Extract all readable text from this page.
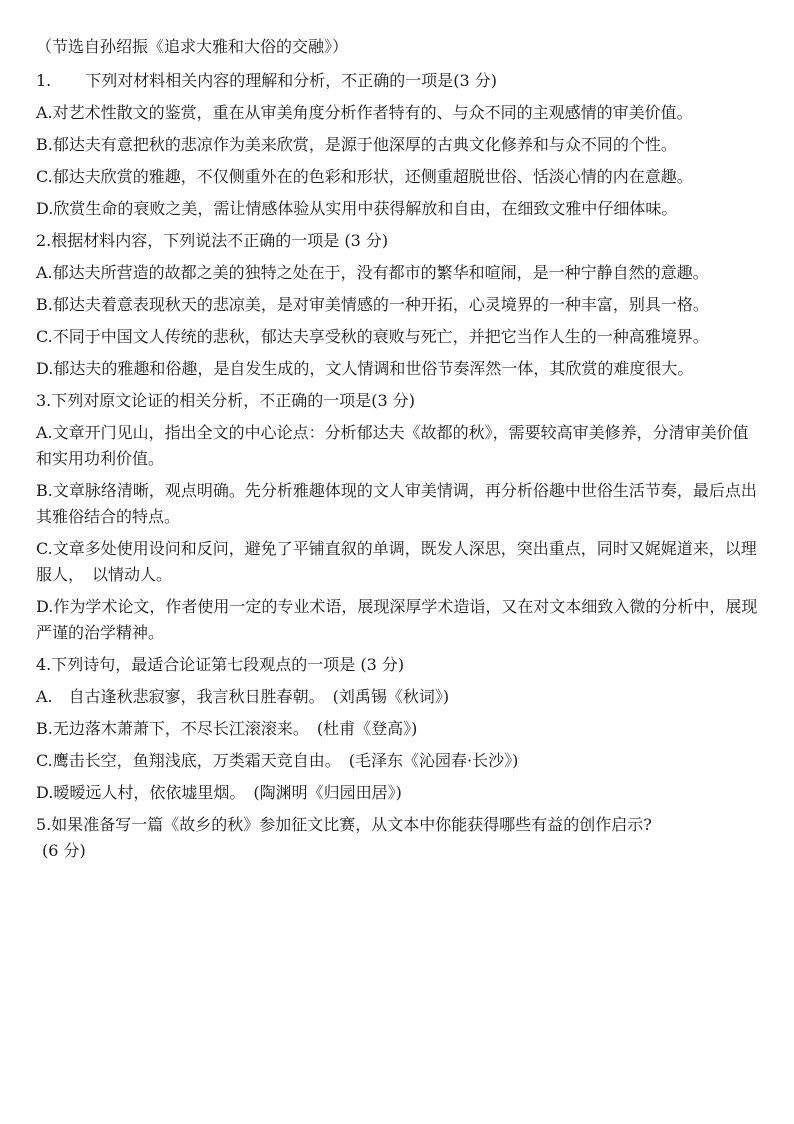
（节选自孙绍振《追求大雅和大俗的交融》）

1. 下列对材料相关内容的理解和分析，不正确的一项是(3 分)

A.对艺术性散文的鉴赏，重在从审美角度分析作者特有的、与众不同的主观感情的审美价值。

B.郁达夫有意把秋的悲凉作为美来欣赏，是源于他深厚的古典文化修养和与众不同的个性。

C.郁达夫欣赏的雅趣，不仅侧重外在的色彩和形状，还侧重超脱世俗、恬淡心情的内在意趣。

D.欣赏生命的衰败之美，需让情感体验从实用中获得解放和自由，在细致文雅中仔细体味。

2.根据材料内容，下列说法不正确的一项是 (3 分)

A.郁达夫所营造的故都之美的独特之处在于，没有都市的繁华和喧闹，是一种宁静自然的意趣。

B.郁达夫着意表现秋天的悲凉美，是对审美情感的一种开拓，心灵境界的一种丰富，别具一格。

C.不同于中国文人传统的悲秋，郁达夫享受秋的衰败与死亡，并把它当作人生的一种高雅境界。

D.郁达夫的雅趣和俗趣，是自发生成的，文人情调和世俗节奏浑然一体，其欣赏的难度很大。

3.下列对原文论证的相关分析，不正确的一项是(3 分)

A.文章开门见山，指出全文的中心论点：分析郁达夫《故都的秋》，需要较高审美修养，分清审美价值和实用功利价值。

B.文章脉络清晰，观点明确。先分析雅趣体现的文人审美情调，再分析俗趣中世俗生活节奏，最后点出其雅俗结合的特点。

C.文章多处使用设问和反问，避免了平铺直叙的单调，既发人深思，突出重点，同时又娓娓道来，以理服人，　以情动人。

D.作为学术论文，作者使用一定的专业术语，展现深厚学术造诣，又在对文本细致入微的分析中，展现严谨的治学精神。

4.下列诗句，最适合论证第七段观点的一项是 (3 分)

A.　自古逢秋悲寂寥，我言秋日胜春朝。　(刘禹锡《秋词》)

B.无边落木萧萧下，不尽长江滚滚来。　(杜甫《登高》)

C.鹰击长空，鱼翔浅底，万类霜天竞自由。　(毛泽东《沁园春·长沙》)

D.暧暧远人村，依依墟里烟。　(陶渊明《归园田居》)

5.如果准备写一篇《故乡的秋》参加征文比赛，从文本中你能获得哪些有益的创作启示?

(6 分)
